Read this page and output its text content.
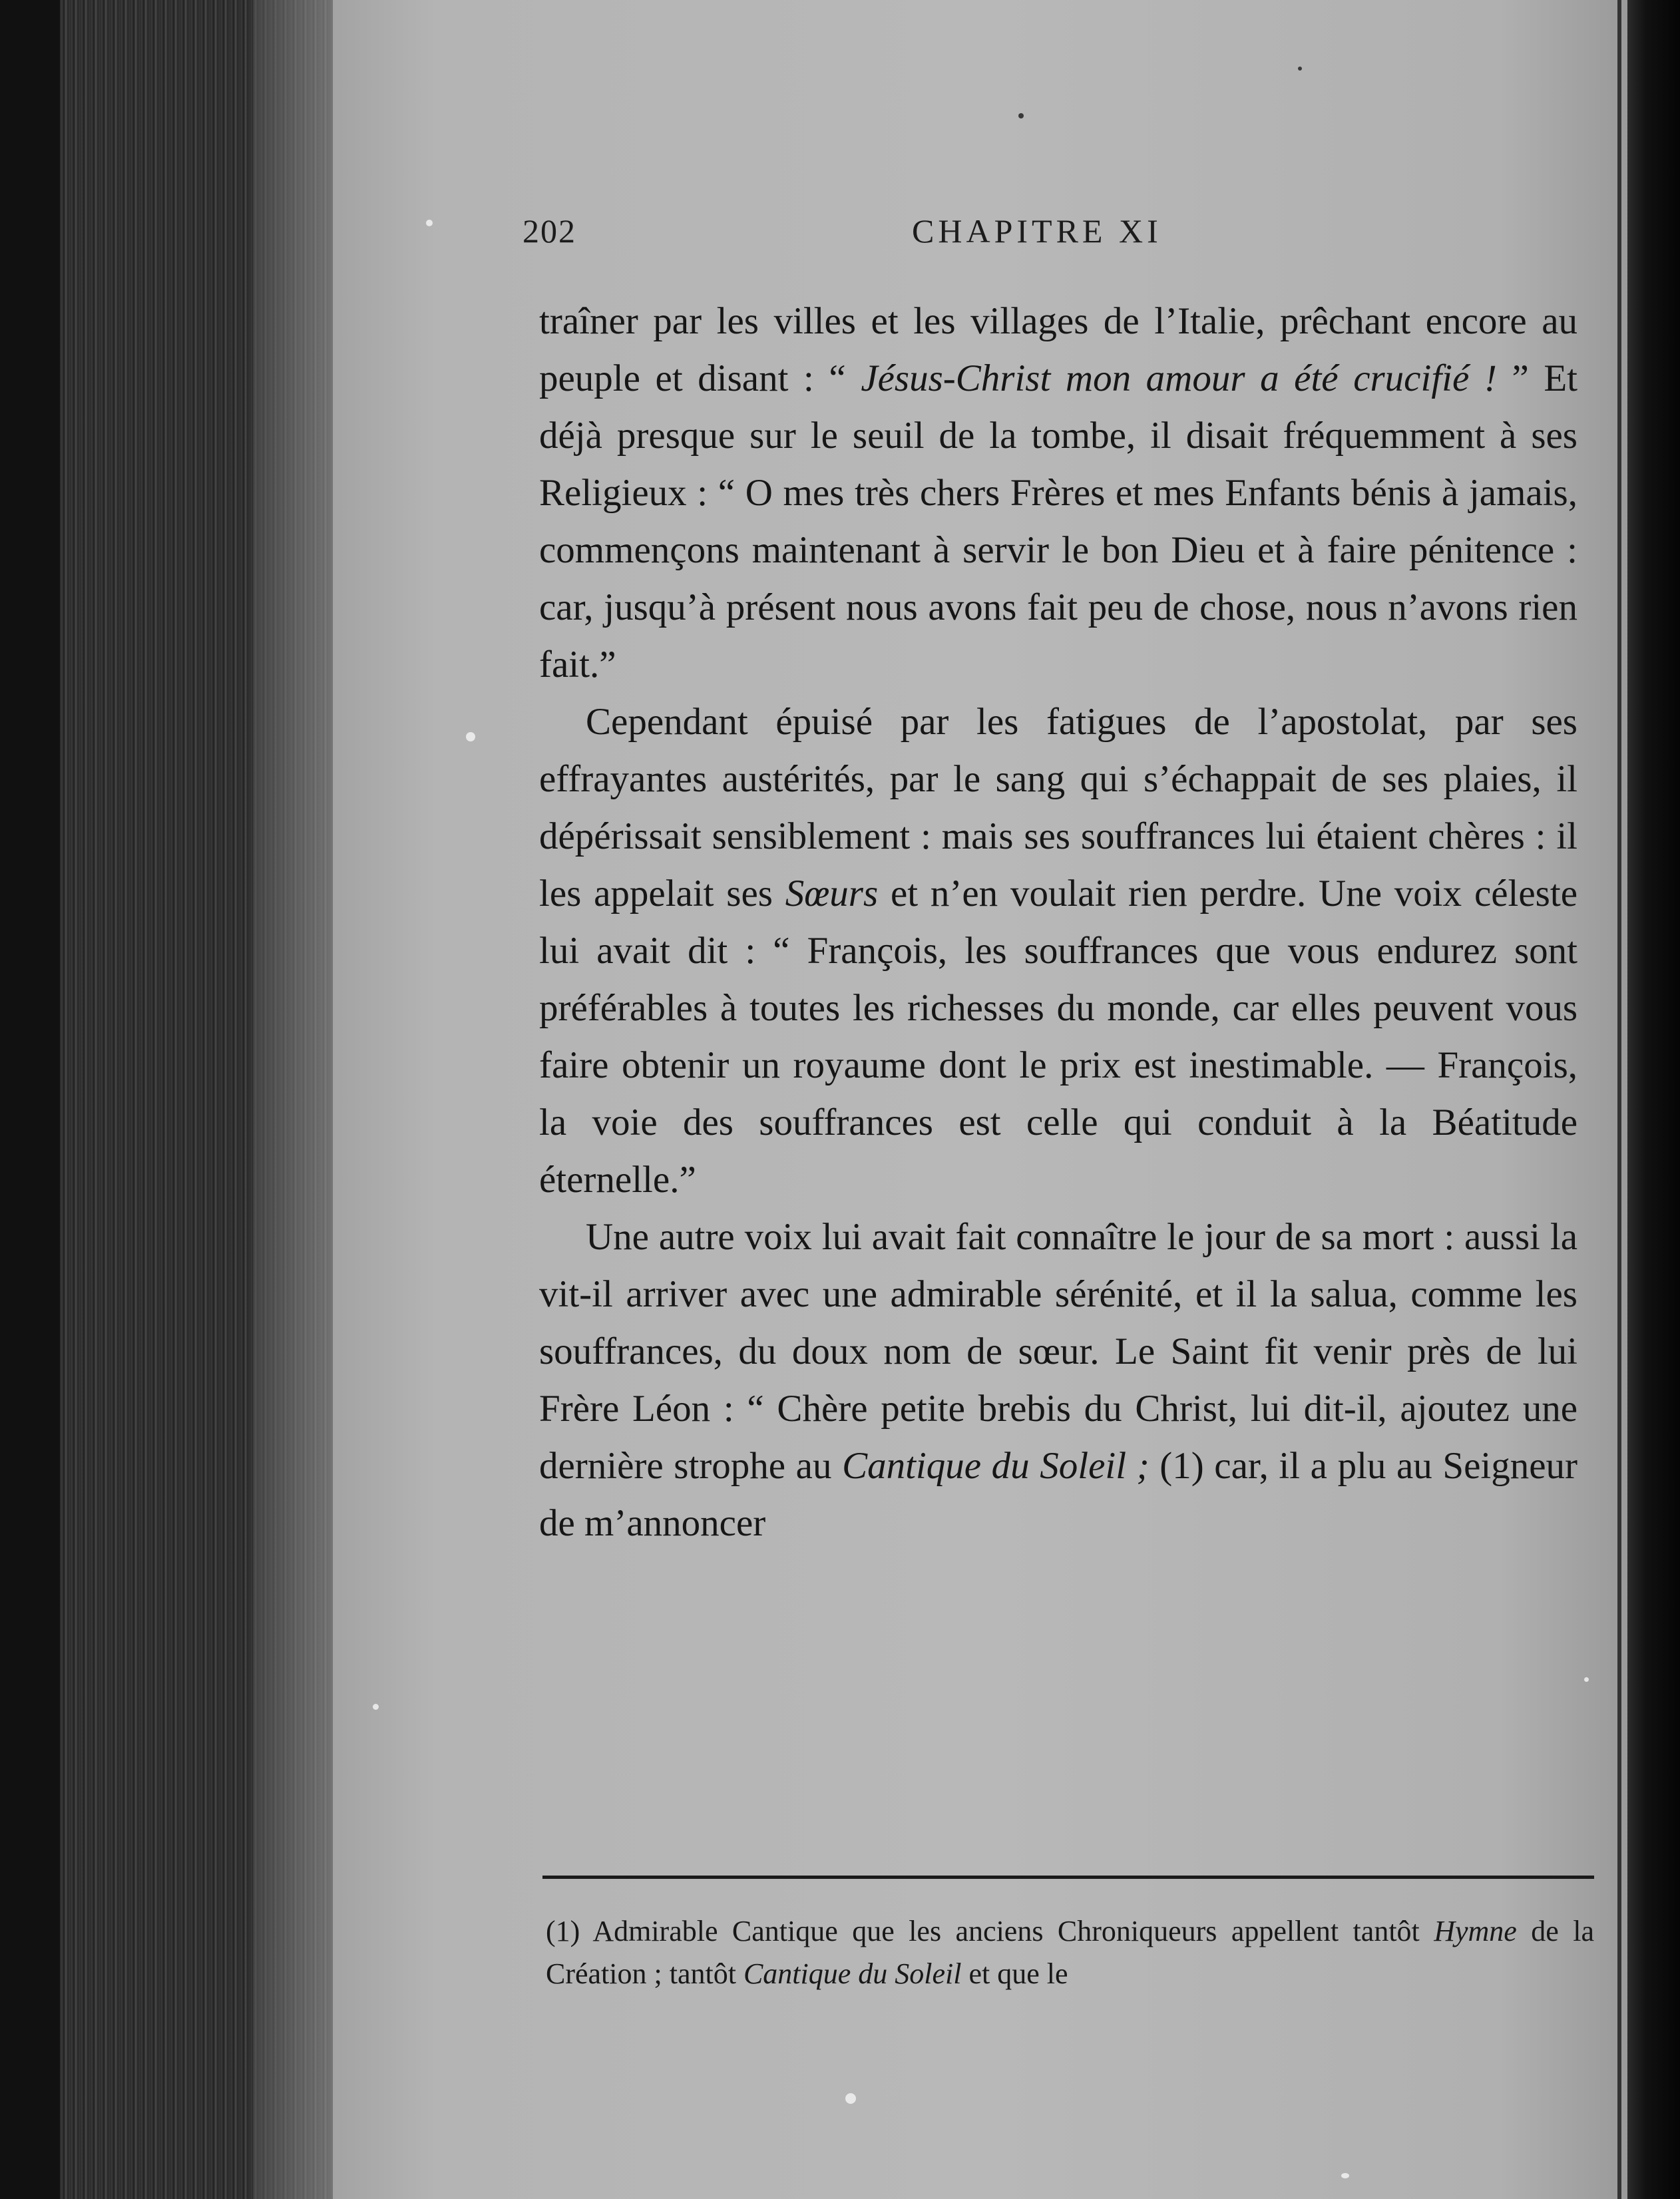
202	CHAPITRE XI

traîner par les villes et les villages de l’Italie, prêchant encore au peuple et disant : “ Jésus-Christ mon amour a été crucifié ! ” Et déjà presque sur le seuil de la tombe, il disait fréquemment à ses Religieux : “ O mes très chers Frères et mes Enfants bénis à jamais, commençons maintenant à servir le bon Dieu et à faire pénitence : car, jusqu’à présent nous avons fait peu de chose, nous n’avons rien fait.”

Cependant épuisé par les fatigues de l’apostolat, par ses effrayantes austérités, par le sang qui s’échappait de ses plaies, il dépérissait sensiblement : mais ses souffrances lui étaient chères : il les appelait ses Sœurs et n’en voulait rien perdre. Une voix céleste lui avait dit : “ François, les souffrances que vous endurez sont préférables à toutes les richesses du monde, car elles peuvent vous faire obtenir un royaume dont le prix est inestimable. — François, la voie des souffrances est celle qui conduit à la Béatitude éternelle.”

Une autre voix lui avait fait connaître le jour de sa mort : aussi la vit-il arriver avec une admirable sérénité, et il la salua, comme les souffrances, du doux nom de sœur. Le Saint fit venir près de lui Frère Léon : “ Chère petite brebis du Christ, lui dit-il, ajoutez une dernière strophe au Cantique du Soleil ; (1) car, il a plu au Seigneur de m’annoncer

(1) Admirable Cantique que les anciens Chroniqueurs appellent tantôt Hymne de la Création ; tantôt Cantique du Soleil et que le
